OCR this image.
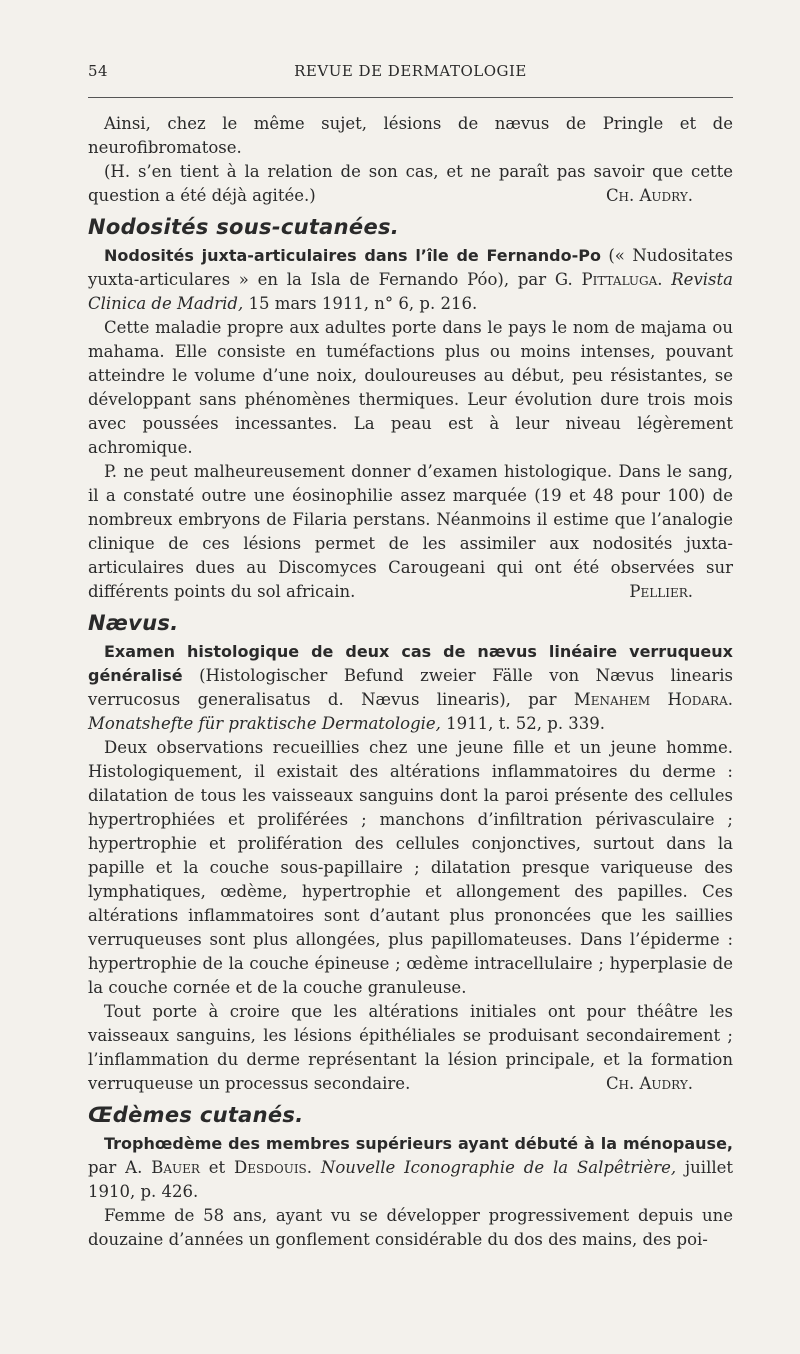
54	REVUE DE DERMATOLOGIE

Ainsi, chez le même sujet, lésions de nævus de Pringle et de neurofibromatose.

(H. s’en tient à la relation de son cas, et ne paraît pas savoir que cette question a été déjà agitée.)	Ch. Audry.

Nodosités sous-cutanées.

Nodosités juxta-articulaires dans l’île de Fernando-Po (« Nudositates yuxta-articulares » en la Isla de Fernando Póo), par G. Pittaluga. Revista Clinica de Madrid, 15 mars 1911, n° 6, p. 216.

Cette maladie propre aux adultes porte dans le pays le nom de majama ou mahama. Elle consiste en tuméfactions plus ou moins intenses, pouvant atteindre le volume d’une noix, douloureuses au début, peu résistantes, se développant sans phénomènes thermiques. Leur évolution dure trois mois avec poussées incessantes. La peau est à leur niveau légèrement achromique.

P. ne peut malheureusement donner d’examen histologique. Dans le sang, il a constaté outre une éosinophilie assez marquée (19 et 48 pour 100) de nombreux embryons de Filaria perstans. Néanmoins il estime que l’analogie clinique de ces lésions permet de les assimiler aux nodosités juxta-articulaires dues au Discomyces Carougeani qui ont été observées sur différents points du sol africain.	Pellier.

Nævus.

Examen histologique de deux cas de nævus linéaire verruqueux généralisé (Histologischer Befund zweier Fälle von Nævus linearis verrucosus generalisatus d. Nævus linearis), par Menahem Hodara. Monatshefte für praktische Dermatologie, 1911, t. 52, p. 339.

Deux observations recueillies chez une jeune fille et un jeune homme. Histologiquement, il existait des altérations inflammatoires du derme : dilatation de tous les vaisseaux sanguins dont la paroi présente des cellules hypertrophiées et proliférées ; manchons d’infiltration périvasculaire ; hypertrophie et prolifération des cellules conjonctives, surtout dans la papille et la couche sous-papillaire ; dilatation presque variqueuse des lymphatiques, œdème, hypertrophie et allongement des papilles. Ces altérations inflammatoires sont d’autant plus prononcées que les saillies verruqueuses sont plus allongées, plus papillomateuses. Dans l’épiderme : hypertrophie de la couche épineuse ; œdème intracellulaire ; hyperplasie de la couche cornée et de la couche granuleuse.

Tout porte à croire que les altérations initiales ont pour théâtre les vaisseaux sanguins, les lésions épithéliales se produisant secondairement ; l’inflammation du derme représentant la lésion principale, et la formation verruqueuse un processus secondaire.	Ch. Audry.

Œdèmes cutanés.

Trophœdème des membres supérieurs ayant débuté à la ménopause, par A. Bauer et Desdouis. Nouvelle Iconographie de la Salpêtrière, juillet 1910, p. 426.

Femme de 58 ans, ayant vu se développer progressivement depuis une douzaine d’années un gonflement considérable du dos des mains, des poi-
